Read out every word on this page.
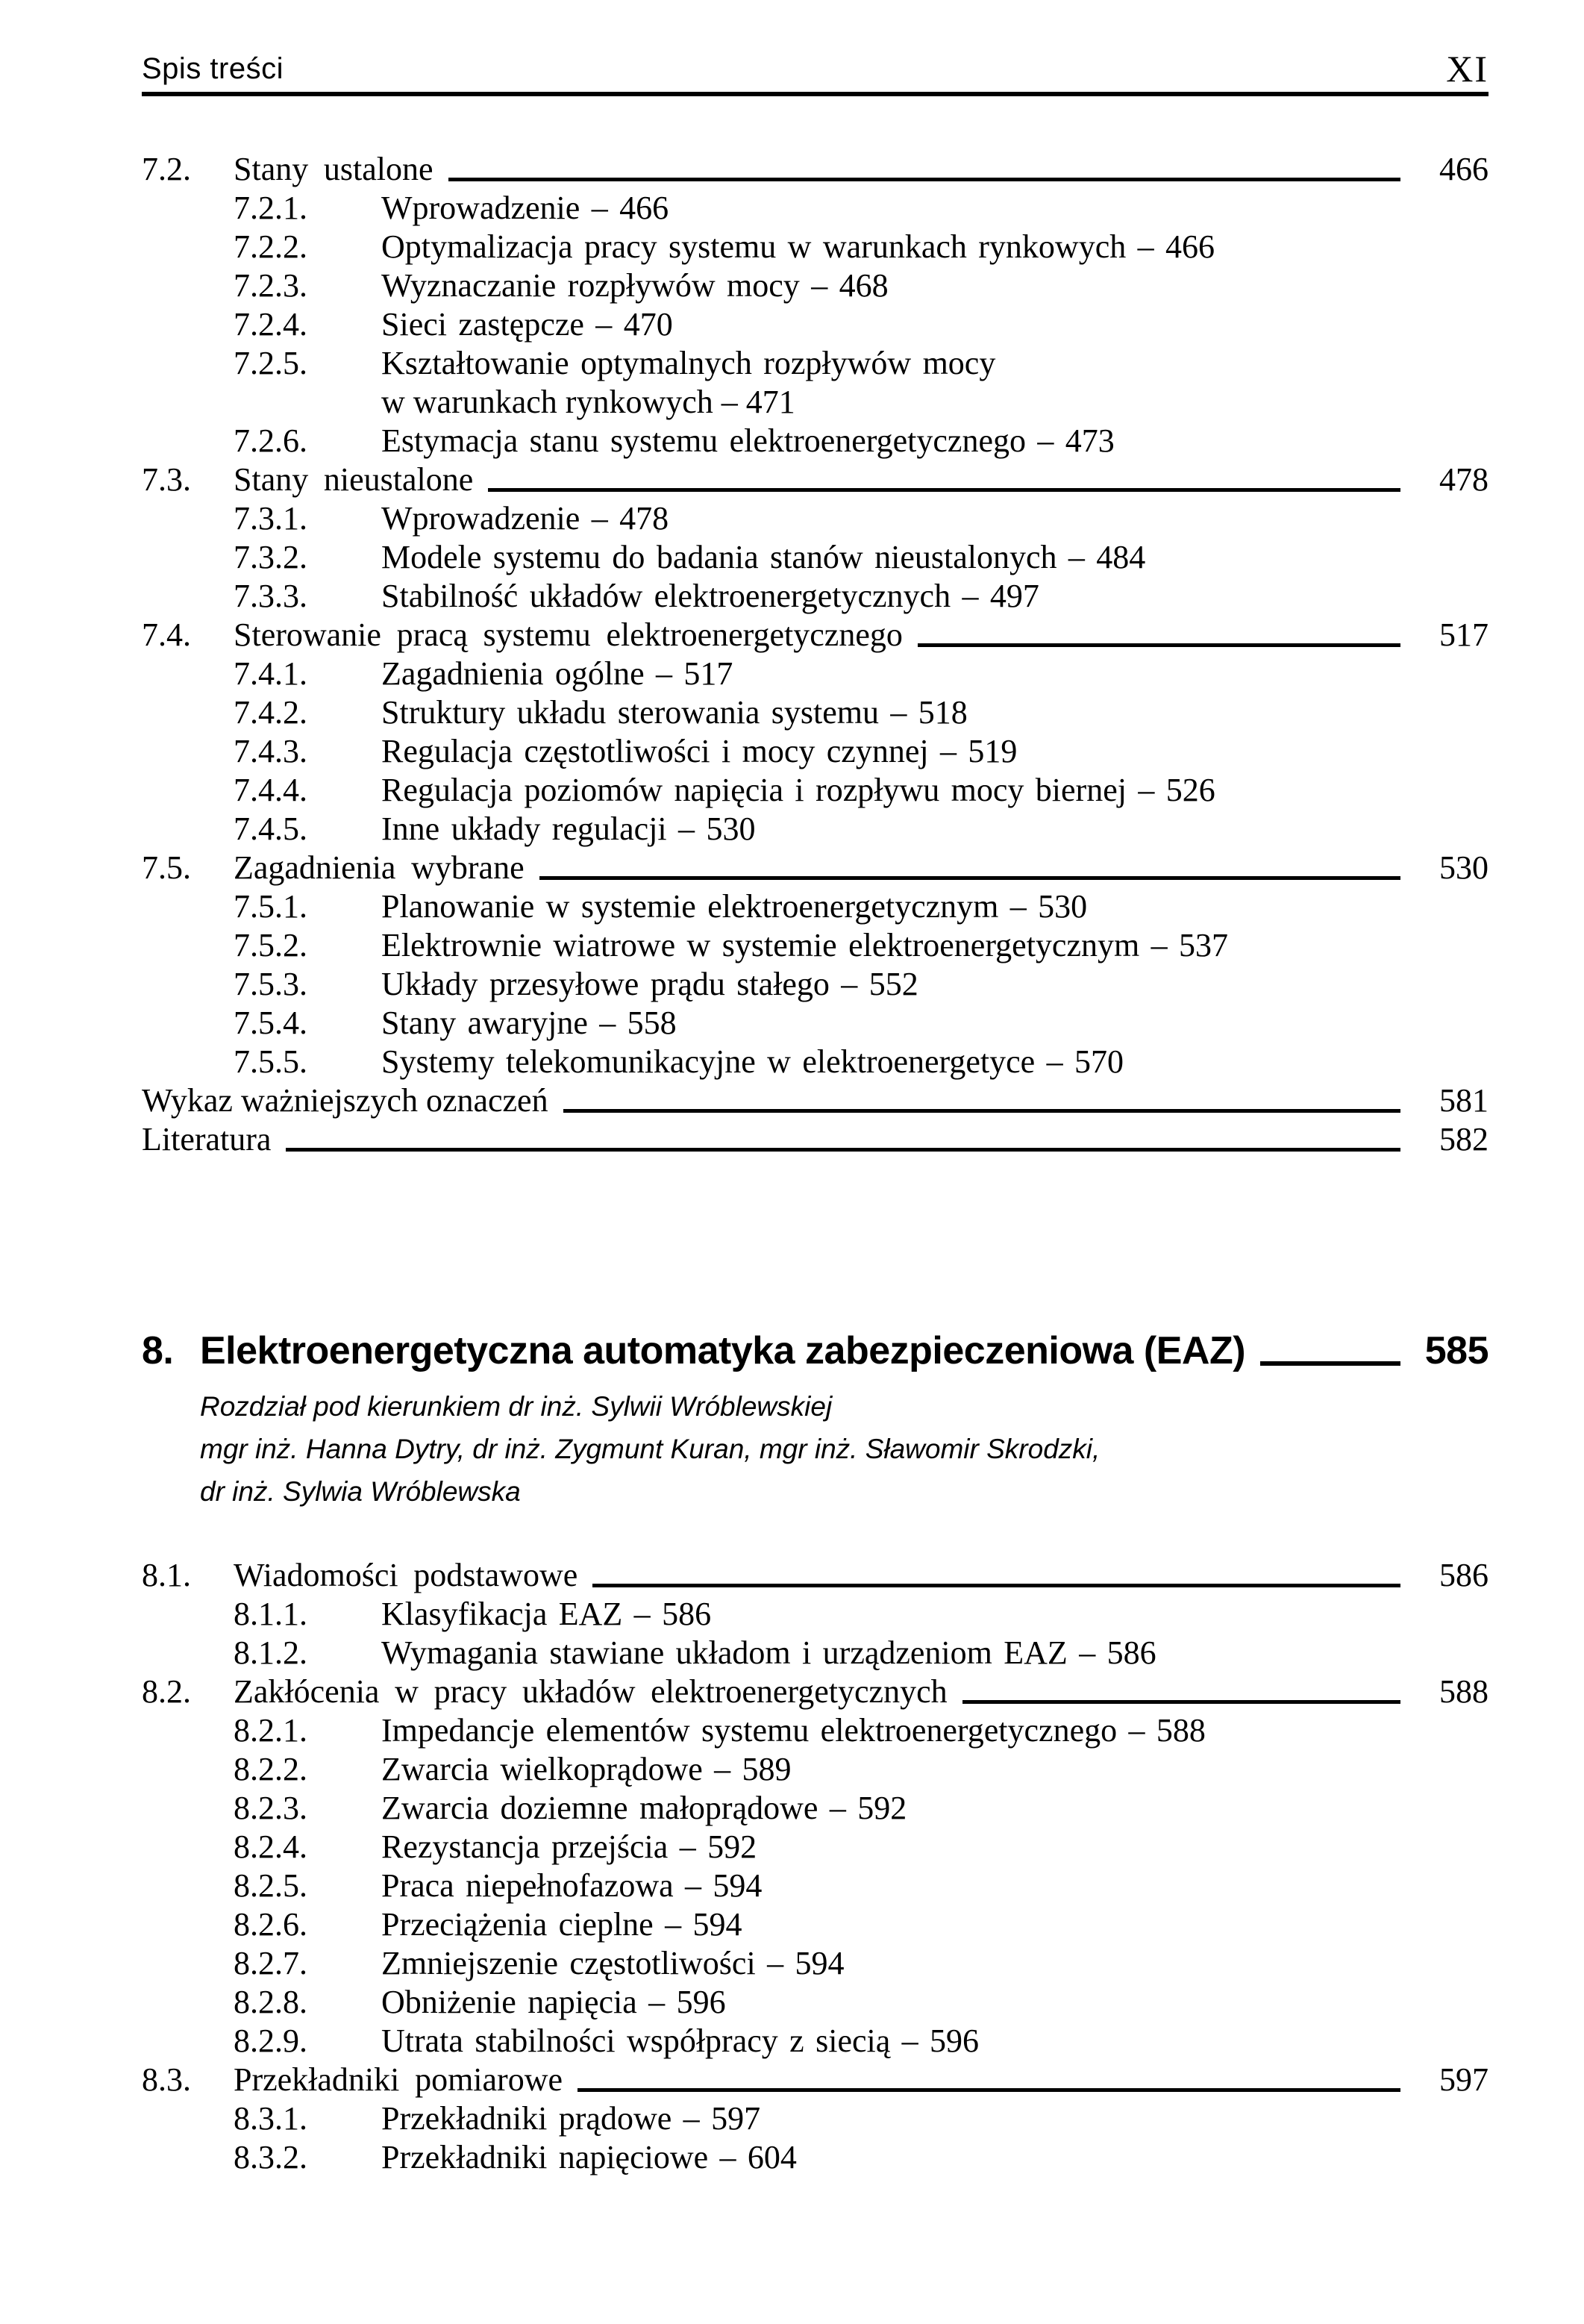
Spis treści	XI
7.2.	Stany ustalone	466
7.2.1.	Wprowadzenie – 466
7.2.2.	Optymalizacja pracy systemu w warunkach rynkowych – 466
7.2.3.	Wyznaczanie rozpływów mocy – 468
7.2.4.	Sieci zastępcze – 470
7.2.5.	Kształtowanie optymalnych rozpływów mocy
w warunkach rynkowych – 471
7.2.6.	Estymacja stanu systemu elektroenergetycznego – 473
7.3.	Stany nieustalone	478
7.3.1.	Wprowadzenie – 478
7.3.2.	Modele systemu do badania stanów nieustalonych – 484
7.3.3.	Stabilność układów elektroenergetycznych – 497
7.4.	Sterowanie pracą systemu elektroenergetycznego	517
7.4.1.	Zagadnienia ogólne – 517
7.4.2.	Struktury układu sterowania systemu – 518
7.4.3.	Regulacja częstotliwości i mocy czynnej – 519
7.4.4.	Regulacja poziomów napięcia i rozpływu mocy biernej – 526
7.4.5.	Inne układy regulacji – 530
7.5.	Zagadnienia wybrane	530
7.5.1.	Planowanie w systemie elektroenergetycznym – 530
7.5.2.	Elektrownie wiatrowe w systemie elektroenergetycznym – 537
7.5.3.	Układy przesyłowe prądu stałego – 552
7.5.4.	Stany awaryjne – 558
7.5.5.	Systemy telekomunikacyjne w elektroenergetyce – 570
Wykaz ważniejszych oznaczeń	581
Literatura	582
8. Elektroenergetyczna automatyka zabezpieczeniowa (EAZ)	585
Rozdział pod kierunkiem dr inż. Sylwii Wróblewskiej
mgr inż. Hanna Dytry, dr inż. Zygmunt Kuran, mgr inż. Sławomir Skrodzki,
dr inż. Sylwia Wróblewska
8.1.	Wiadomości podstawowe	586
8.1.1.	Klasyfikacja EAZ – 586
8.1.2.	Wymagania stawiane układom i urządzeniom EAZ – 586
8.2.	Zakłócenia w pracy układów elektroenergetycznych	588
8.2.1.	Impedancje elementów systemu elektroenergetycznego – 588
8.2.2.	Zwarcia wielkoprądowe – 589
8.2.3.	Zwarcia doziemne małoprądowe – 592
8.2.4.	Rezystancja przejścia – 592
8.2.5.	Praca niepełnofazowa – 594
8.2.6.	Przeciążenia cieplne – 594
8.2.7.	Zmniejszenie częstotliwości – 594
8.2.8.	Obniżenie napięcia – 596
8.2.9.	Utrata stabilności współpracy z siecią – 596
8.3.	Przekładniki pomiarowe	597
8.3.1.	Przekładniki prądowe – 597
8.3.2.	Przekładniki napięciowe – 604
